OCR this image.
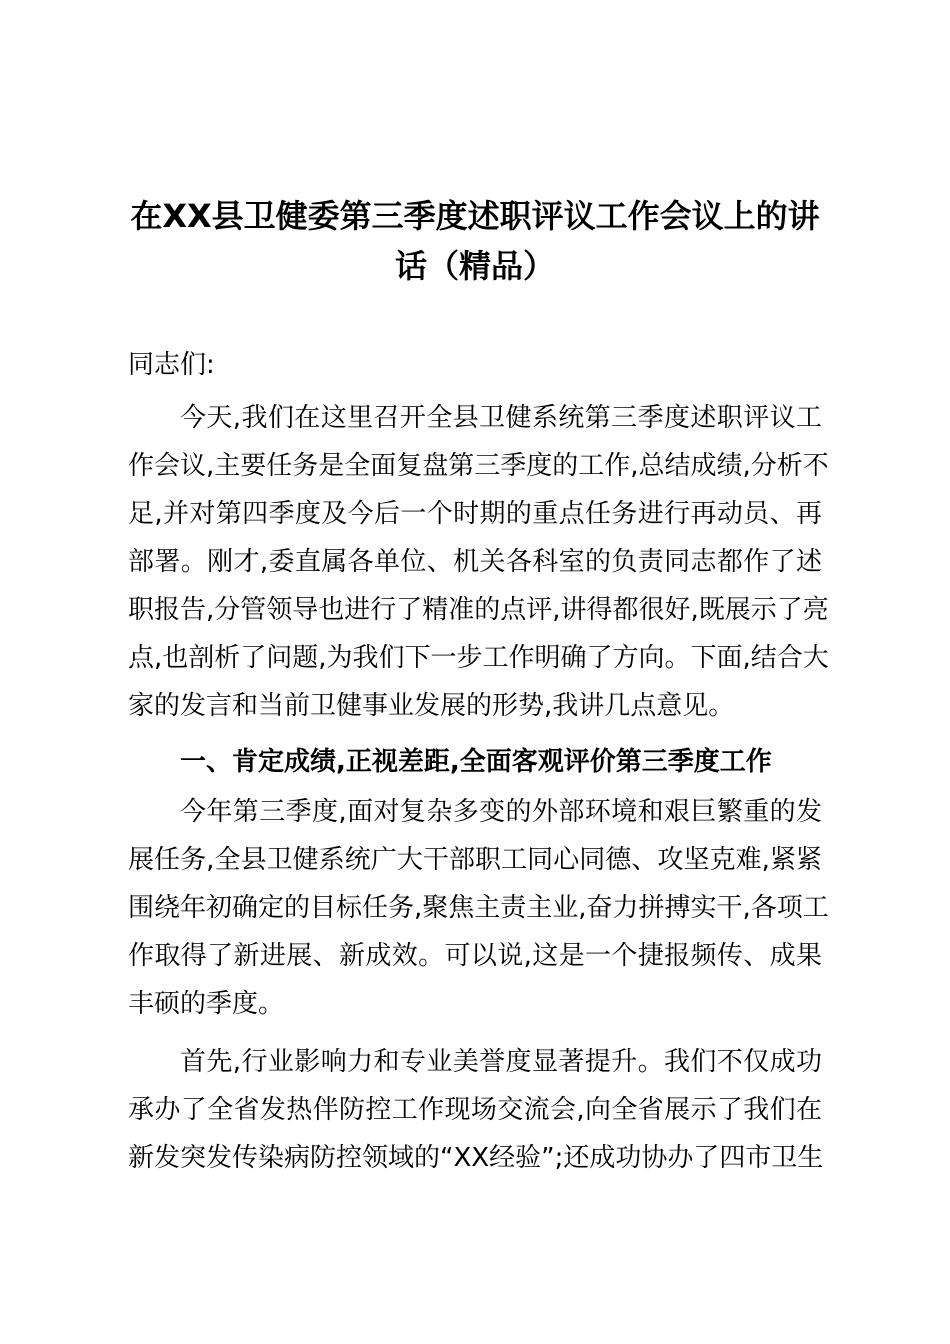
在XX县卫健委第三季度述职评议工作会议上的讲
话（精品）
同志们:
今天,我们在这里召开全县卫健系统第三季度述职评议工
作会议,主要任务是全面复盘第三季度的工作,总结成绩,分析不
足,并对第四季度及今后一个时期的重点任务进行再动员、再
部署。刚才,委直属各单位、机关各科室的负责同志都作了述
职报告,分管领导也进行了精准的点评,讲得都很好,既展示了亮
点,也剖析了问题,为我们下一步工作明确了方向。下面,结合大
家的发言和当前卫健事业发展的形势,我讲几点意见。
一、肯定成绩,正视差距,全面客观评价第三季度工作
今年第三季度,面对复杂多变的外部环境和艰巨繁重的发
展任务,全县卫健系统广大干部职工同心同德、攻坚克难,紧紧
围绕年初确定的目标任务,聚焦主责主业,奋力拼搏实干,各项工
作取得了新进展、新成效。可以说,这是一个捷报频传、成果
丰硕的季度。
首先,行业影响力和专业美誉度显著提升。我们不仅成功
承办了全省发热伴防控工作现场交流会,向全省展示了我们在
新发突发传染病防控领域的“XX经验”;还成功协办了四市卫生
